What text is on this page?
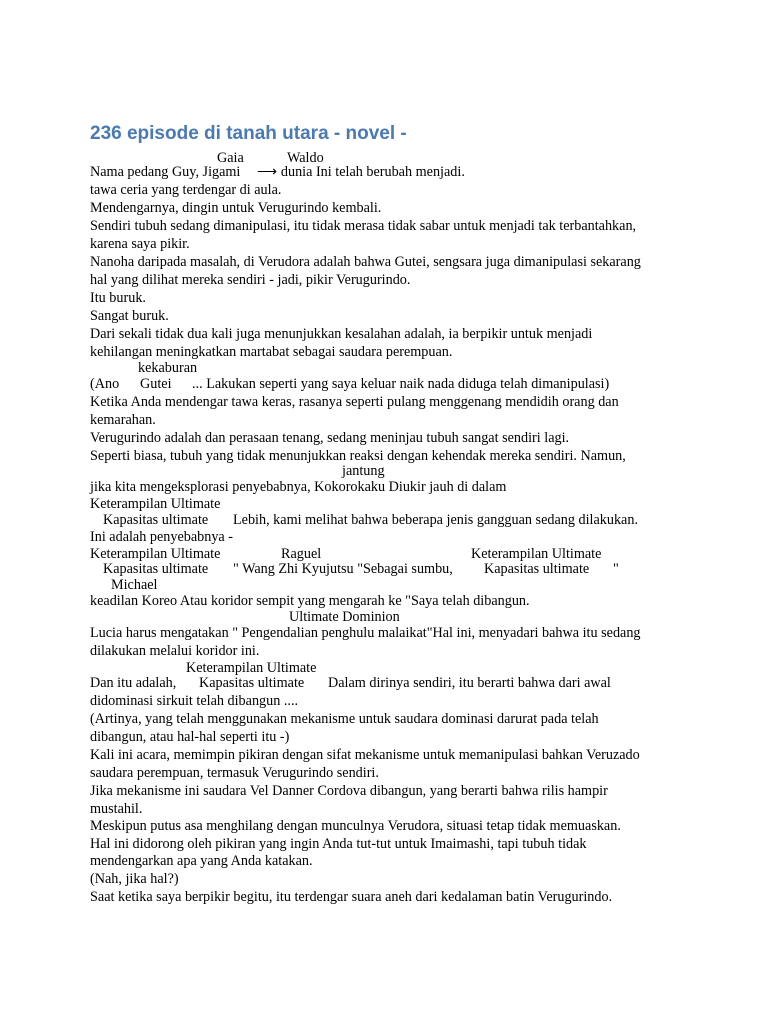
236 episode di tanah utara - novel -
Gaia	Waldo
Nama pedang Guy, Jigami ⟶ dunia Ini telah berubah menjadi.
tawa ceria yang terdengar di aula.
Mendengarnya, dingin untuk Verugurindo kembali.
Sendiri tubuh sedang dimanipulasi, itu tidak merasa tidak sabar untuk menjadi tak terbantahkan,
karena saya pikir.
Nanoha daripada masalah, di Verudora adalah bahwa Gutei, sengsara juga dimanipulasi sekarang
hal yang dilihat mereka sendiri - jadi, pikir Verugurindo.
Itu buruk.
Sangat buruk.
Dari sekali tidak dua kali juga menunjukkan kesalahan adalah, ia berpikir untuk menjadi
kehilangan meningkatkan martabat sebagai saudara perempuan.
kekaburan
(Ano Gutei ... Lakukan seperti yang saya keluar naik nada diduga telah dimanipulasi)
Ketika Anda mendengar tawa keras, rasanya seperti pulang menggenang mendidih orang dan
kemarahan.
Verugurindo adalah dan perasaan tenang, sedang meninjau tubuh sangat sendiri lagi.
Seperti biasa, tubuh yang tidak menunjukkan reaksi dengan kehendak mereka sendiri. Namun,
jantung
jika kita mengeksplorasi penyebabnya, Kokorokaku Diukir jauh di dalam
Keterampilan Ultimate
Kapasitas ultimate Lebih, kami melihat bahwa beberapa jenis gangguan sedang dilakukan.
Ini adalah penyebabnya -
Keterampilan Ultimate	Raguel	Keterampilan Ultimate
Kapasitas ultimate " Wang Zhi Kyujutsu "Sebagai sumbu, Kapasitas ultimate "
Michael
keadilan Koreo Atau koridor sempit yang mengarah ke "Saya telah dibangun.
Ultimate Dominion
Lucia harus mengatakan " Pengendalian penghulu malaikat"Hal ini, menyadari bahwa itu sedang
dilakukan melalui koridor ini.
Keterampilan Ultimate
Dan itu adalah, Kapasitas ultimate Dalam dirinya sendiri, itu berarti bahwa dari awal
didominasi sirkuit telah dibangun ....
(Artinya, yang telah menggunakan mekanisme untuk saudara dominasi darurat pada telah
dibangun, atau hal-hal seperti itu -)
Kali ini acara, memimpin pikiran dengan sifat mekanisme untuk memanipulasi bahkan Veruzado
saudara perempuan, termasuk Verugurindo sendiri.
Jika mekanisme ini saudara Vel Danner Cordova dibangun, yang berarti bahwa rilis hampir
mustahil.
Meskipun putus asa menghilang dengan munculnya Verudora, situasi tetap tidak memuaskan.
Hal ini didorong oleh pikiran yang ingin Anda tut-tut untuk Imaimashi, tapi tubuh tidak
mendengarkan apa yang Anda katakan.
(Nah, jika hal?)
Saat ketika saya berpikir begitu, itu terdengar suara aneh dari kedalaman batin Verugurindo.
